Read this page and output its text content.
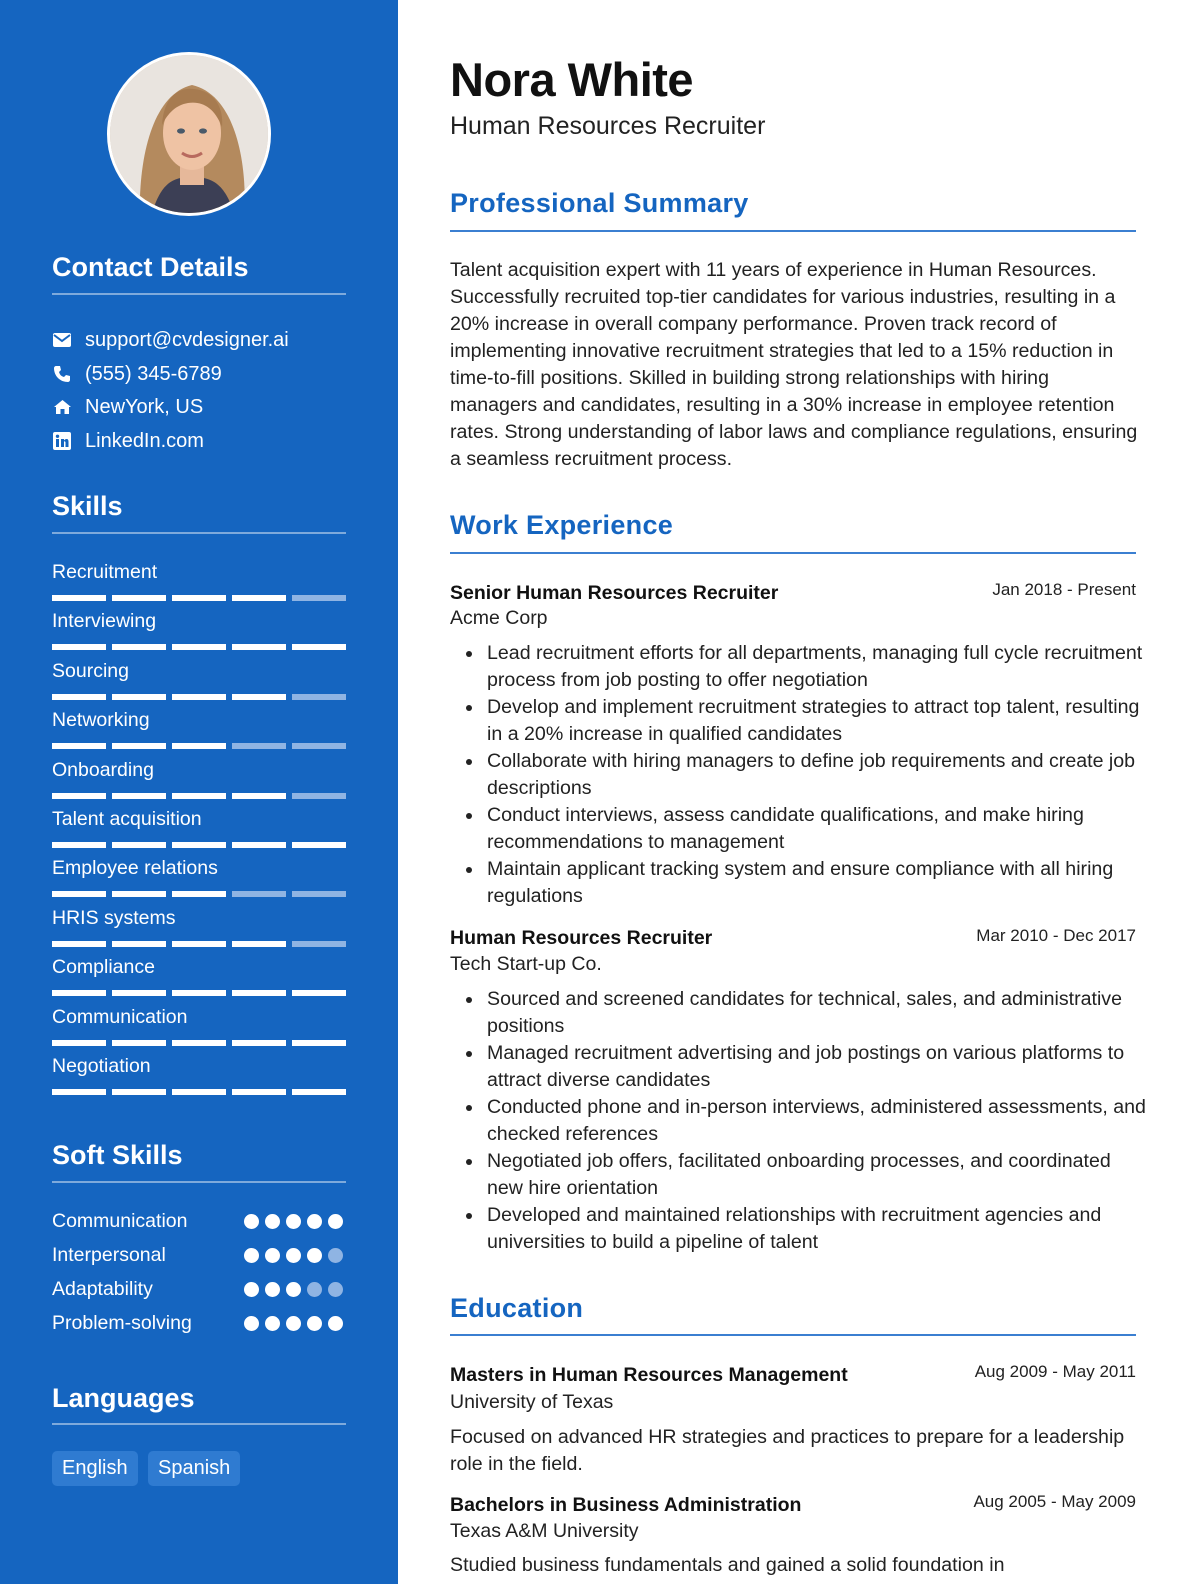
Contact Details
support@cvdesigner.ai
(555) 345-6789
NewYork, US
LinkedIn.com
Skills
Recruitment
Interviewing
Sourcing
Networking
Onboarding
Talent acquisition
Employee relations
HRIS systems
Compliance
Communication
Negotiation
Soft Skills
Communication
Interpersonal
Adaptability
Problem-solving
Languages
English	Spanish
Nora White
Human Resources Recruiter
Professional Summary
Talent acquisition expert with 11 years of experience in Human Resources. Successfully recruited top-tier candidates for various industries, resulting in a 20% increase in overall company performance. Proven track record of implementing innovative recruitment strategies that led to a 15% reduction in time-to-fill positions. Skilled in building strong relationships with hiring managers and candidates, resulting in a 30% increase in employee retention rates. Strong understanding of labor laws and compliance regulations, ensuring a seamless recruitment process.
Work Experience
Senior Human Resources Recruiter	Jan 2018 - Present
Acme Corp
Lead recruitment efforts for all departments, managing full cycle recruitment process from job posting to offer negotiation
Develop and implement recruitment strategies to attract top talent, resulting in a 20% increase in qualified candidates
Collaborate with hiring managers to define job requirements and create job descriptions
Conduct interviews, assess candidate qualifications, and make hiring recommendations to management
Maintain applicant tracking system and ensure compliance with all hiring regulations
Human Resources Recruiter	Mar 2010 - Dec 2017
Tech Start-up Co.
Sourced and screened candidates for technical, sales, and administrative positions
Managed recruitment advertising and job postings on various platforms to attract diverse candidates
Conducted phone and in-person interviews, administered assessments, and checked references
Negotiated job offers, facilitated onboarding processes, and coordinated new hire orientation
Developed and maintained relationships with recruitment agencies and universities to build a pipeline of talent
Education
Masters in Human Resources Management	Aug 2009 - May 2011
University of Texas
Focused on advanced HR strategies and practices to prepare for a leadership role in the field.
Bachelors in Business Administration	Aug 2005 - May 2009
Texas A&M University
Studied business fundamentals and gained a solid foundation in
